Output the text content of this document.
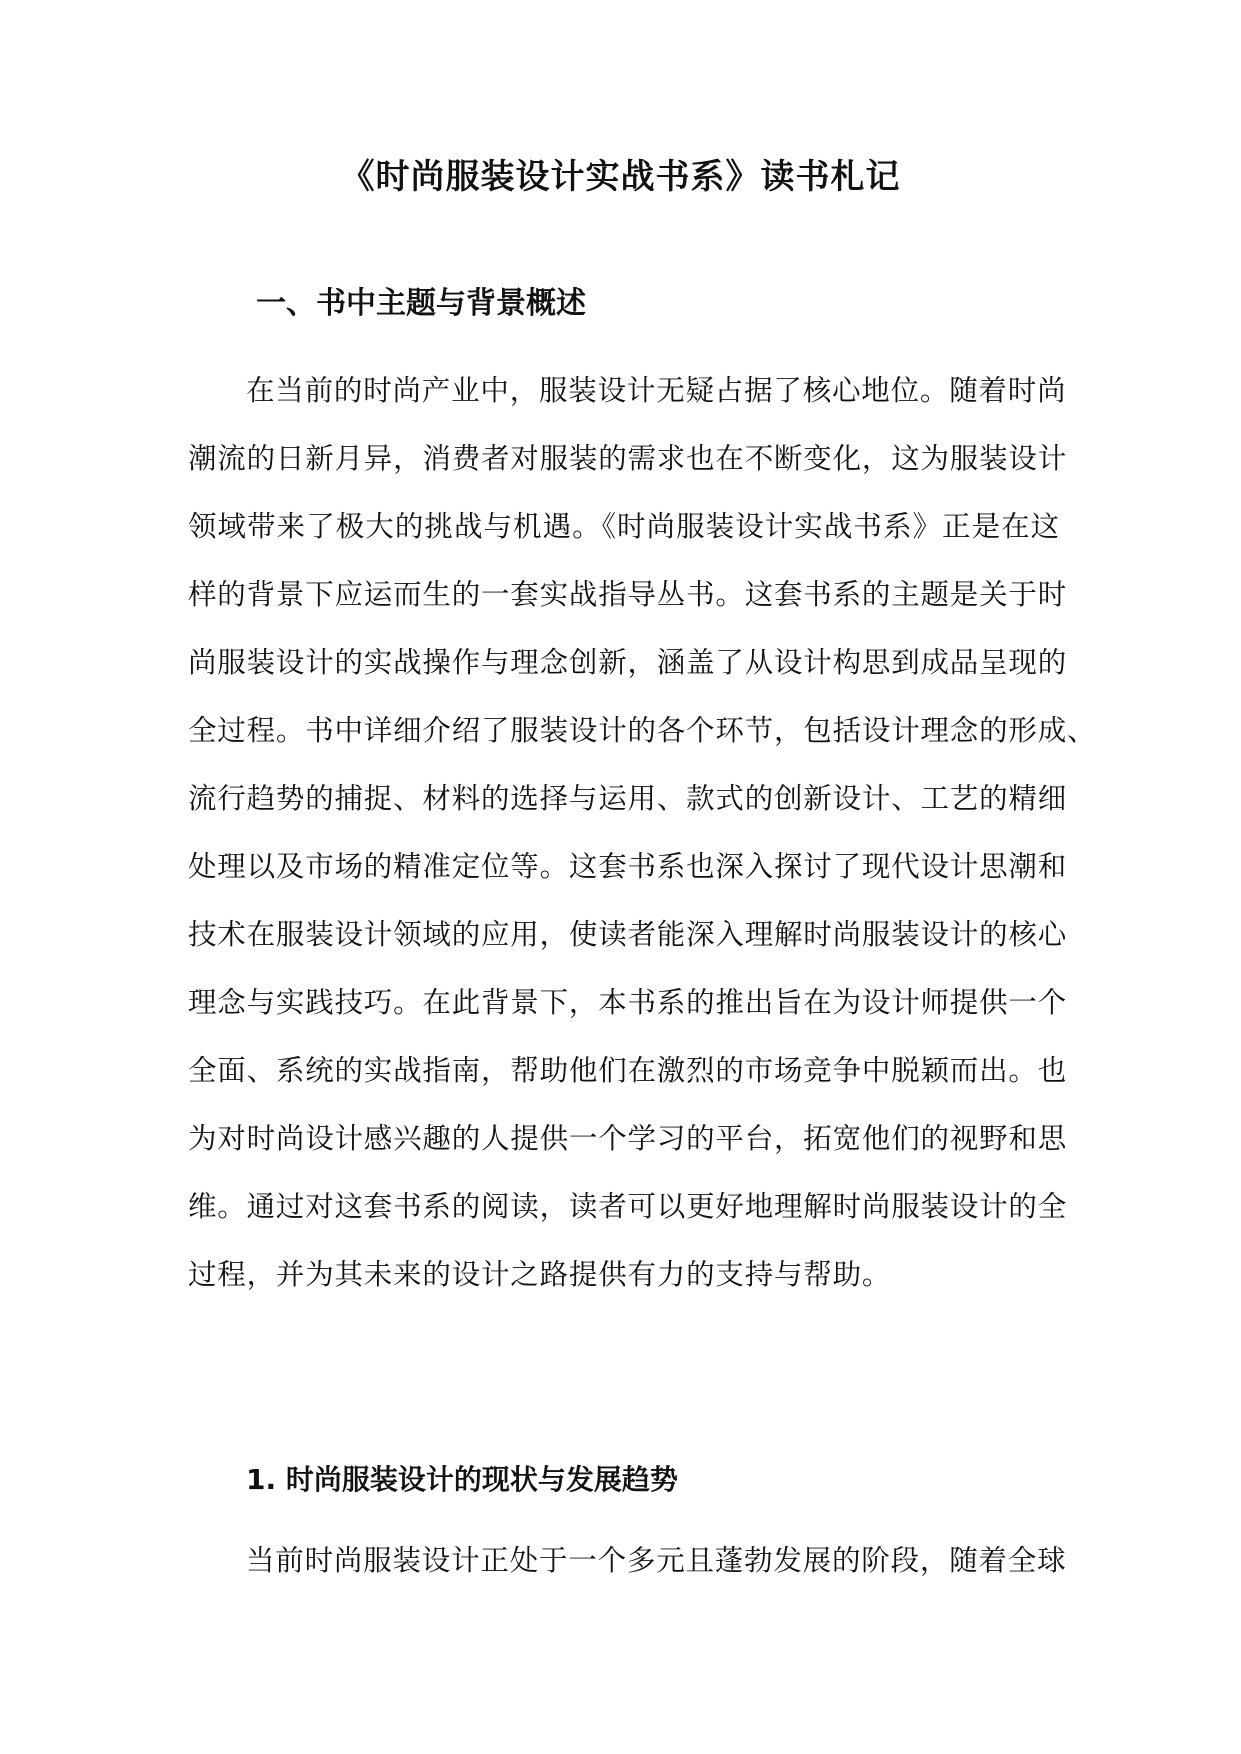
《时尚服装设计实战书系》读书札记
一、书中主题与背景概述
在当前的时尚产业中，服装设计无疑占据了核心地位。随着时尚
潮流的日新月异，消费者对服装的需求也在不断变化，这为服装设计
领域带来了极大的挑战与机遇。《时尚服装设计实战书系》正是在这
样的背景下应运而生的一套实战指导丛书。这套书系的主题是关于时
尚服装设计的实战操作与理念创新，涵盖了从设计构思到成品呈现的
全过程。书中详细介绍了服装设计的各个环节，包括设计理念的形成、
流行趋势的捕捉、材料的选择与运用、款式的创新设计、工艺的精细
处理以及市场的精准定位等。这套书系也深入探讨了现代设计思潮和
技术在服装设计领域的应用，使读者能深入理解时尚服装设计的核心
理念与实践技巧。在此背景下，本书系的推出旨在为设计师提供一个
全面、系统的实战指南，帮助他们在激烈的市场竞争中脱颖而出。也
为对时尚设计感兴趣的人提供一个学习的平台，拓宽他们的视野和思
维。通过对这套书系的阅读，读者可以更好地理解时尚服装设计的全
过程，并为其未来的设计之路提供有力的支持与帮助。
1. 时尚服装设计的现状与发展趋势
当前时尚服装设计正处于一个多元且蓬勃发展的阶段，随着全球
